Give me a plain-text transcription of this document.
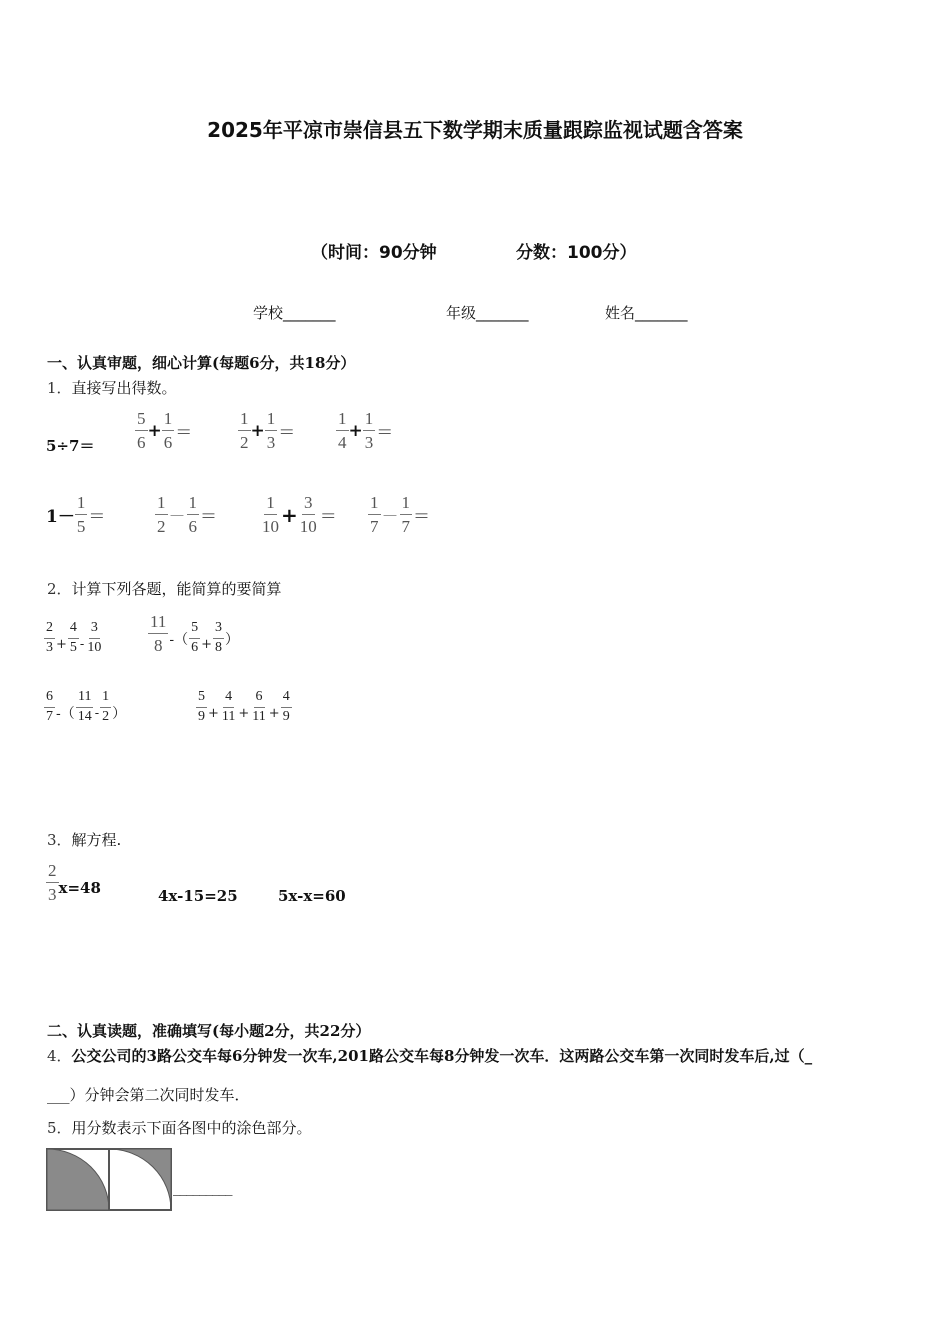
2025年平凉市崇信县五下数学期末质量跟踪监视试题含答案
（时间：90分钟	分数：100分）
学校_______	年级_______	姓名_______
一、认真审题，细心计算(每题6分，共18分）
1．直接写出得数。
$5\div 7= \frac{5}{6} + \frac{1}{6}$ ＝	$\frac{1}{2} + \frac{1}{3} = \frac{1}{4} + \frac{1}{3}$ ＝
$1- \frac{1}{5}$ ＝	$\frac{1}{2} - \frac{1}{6}$ ＝	$\frac{1}{10} + \frac{3}{10} = \frac{1}{7} - \frac{1}{7}$ ＝
2．计算下列各题，能简算的要简算
$\frac{2}{3} + \frac{4}{5} - \frac{3}{10}$	$\frac{11}{8}$ -（ $\frac{5}{6} + \frac{3}{8}$ ）
$\frac{6}{7}$ -（ $\frac{11}{14} - \frac{1}{2}$ ）	$\frac{5}{9} + \frac{4}{11} + \frac{6}{11} + \frac{4}{9}$
3．解方程.
$\frac{2}{3} x=48$	4x-15=25	5x-x=60
二、认真读题，准确填写(每小题2分，共22分）
4．公交公司的3路公交车每6分钟发一次车,201路公交车每8分钟发一次车．这两路公交车第一次同时发车后,过（_
___）分钟会第二次同时发车．
5．用分数表示下面各图中的涂色部分。
_________
